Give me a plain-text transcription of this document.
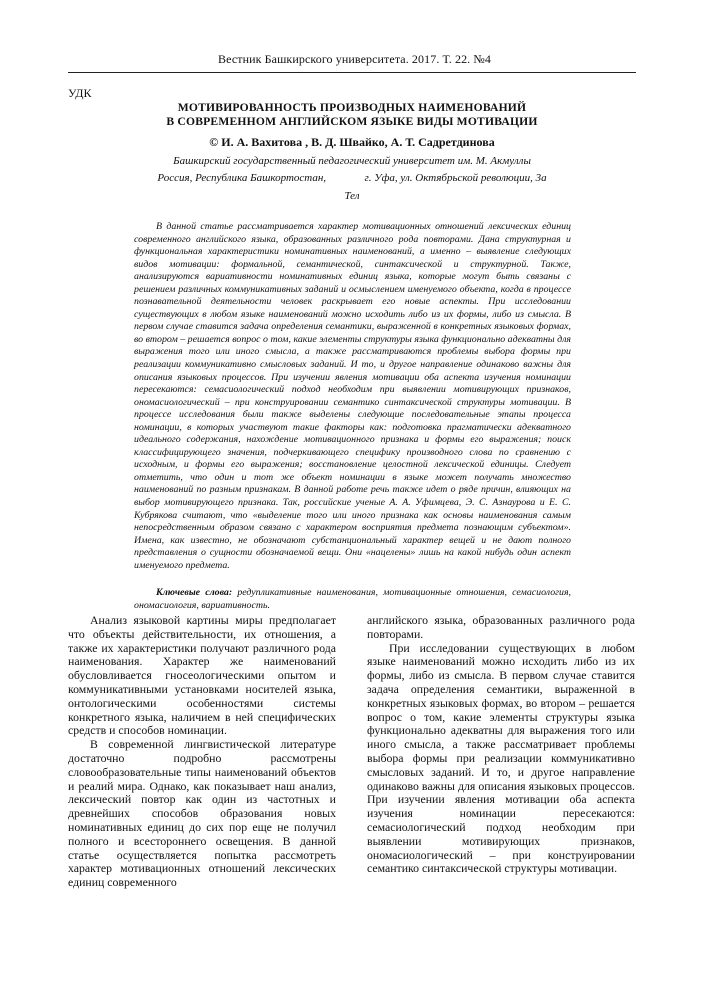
Вестник Башкирского университета. 2017. Т. 22. №4
УДК
МОТИВИРОВАННОСТЬ ПРОИЗВОДНЫХ НАИМЕНОВАНИЙ
В СОВРЕМЕННОМ АНГЛИЙСКОМ ЯЗЫКЕ ВИДЫ МОТИВАЦИИ
© И. А. Вахитова , В. Д. Швайко, А. Т. Садретдинова
Башкирский государственный педагогический университет им. М. Акмуллы
Россия, Республика Башкортостан,              г. Уфа, ул. Октябрьской революции, 3а
Тел

В данной статье рассматривается характер мотивационных отношений лексических единиц современного английского языка, образованных различного рода повторами. Дана структурная и функциональная характеристики номинативных наименований, а именно – выявление следующих видов мотивации: формальной, семантической, синтаксической и структурной. Также, анализируются вариативности номинативных единиц языка, которые могут быть связаны с решением различных коммуникативных заданий и осмыслением именуемого объекта, когда в процессе познавательной деятельности человек раскрывает его новые аспекты. При исследовании существующих в любом языке наименований можно исходить либо из их формы, либо из смысла. В первом случае ставится задача определения семантики, выраженной в конкретных языковых формах, во втором – решается вопрос о том, какие элементы структуры языка функционально адекватны для выражения того или иного смысла, а также рассматриваются проблемы выбора формы при реализации коммуникативно смысловых заданий. И то, и другое направление одинаково важны для описания языковых процессов. При изучении явления мотивации оба аспекта изучения номинации пересекаются: семасиологический подход необходим при выявлении мотивирующих признаков, ономасиологический – при конструировании семантико синтаксической структуры мотивации. В процессе исследования были также выделены следующие последовательные этапы процесса номинации, в которых участвуют такие факторы как: подготовка прагматически адекватного идеального содержания, нахождение мотивационного признака и формы его выражения; поиск классифицирующего значения, подчеркивающего специфику производного слова по сравнению с исходным, и формы его выражения; восстановление целостной лексической единицы. Следует отметить, что один и тот же объект номинации в языке может получать множество наименований по разным признакам. В данной работе речь также идет о ряде причин, влияющих на выбор мотивирующего признака. Так, российские ученые А. А. Уфимцева, Э. С. Азнаурова и Е. С. Кубрякова считают, что «выделение того или иного признака как основы наименования самым непосредственным образом связано с характером восприятия предмета познающим субъектом». Имена, как известно, не обозначают субстанциональный характер вещей и не дают полного представления о сущности обозначаемой вещи. Они «нацелены» лишь на какой нибудь один аспект именуемого предмета.

Ключевые слова: редупликативные наименования, мотивационные отношения, семасиология, ономасиология, вариативность.

Анализ языковой картины миры предполагает что объекты действительности, их отношения, а также их характеристики получают различного рода наименования. Характер же наименований обусловливается гносеологическими опытом и коммуникативными установками носителей языка, онтологическими особенностями системы конкретного языка, наличием в ней специфических средств и способов номинации.

В современной лингвистической литературе достаточно подробно рассмотрены словообразовательные типы наименований объектов и реалий мира. Однако, как показывает наш анализ, лексический повтор как один из частотных и древнейших способов образования новых номинативных единиц до сих пор еще не получил полного и всестороннего освещения. В данной статье осуществляется попытка рассмотреть характер мотивационных отношений лексических единиц современного

английского языка, образованных различного рода повторами.

При исследовании существующих в любом языке наименований можно исходить либо из их формы, либо из смысла. В первом случае ставится задача определения семантики, выраженной в конкретных языковых формах, во втором – решается вопрос о том, какие элементы структуры языка функционально адекватны для выражения того или иного смысла, а также рассматривает проблемы выбора формы при реализации коммуникативно смысловых заданий. И то, и другое направление одинаково важны для описания языковых процессов. При изучении явления мотивации оба аспекта изучения номинации пересекаются: семасиологический подход необходим при выявлении мотивирующих признаков, ономасиологический – при конструировании семантико синтаксической структуры мотивации.
